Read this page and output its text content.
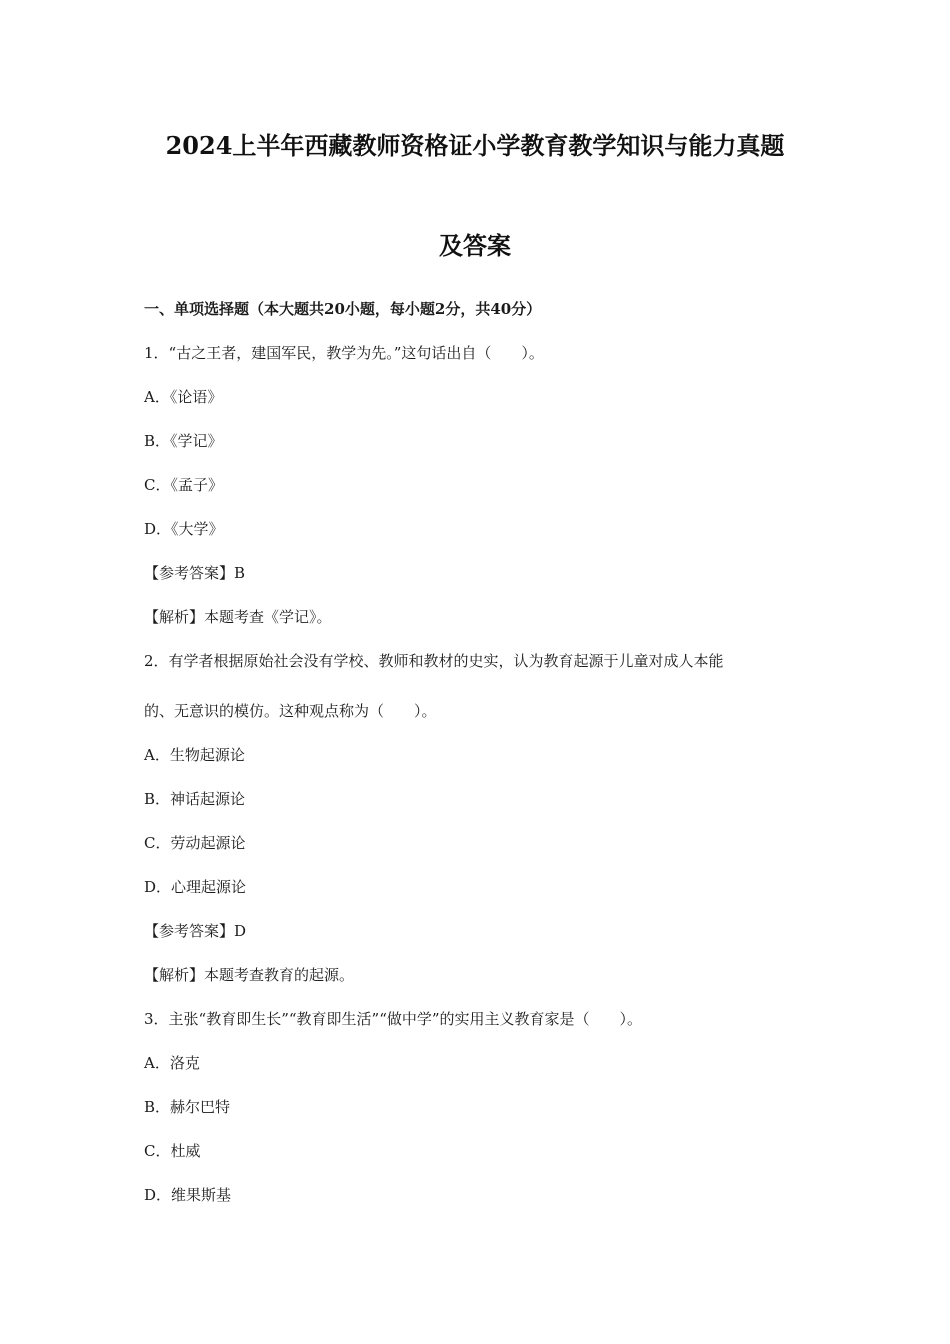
2024上半年西藏教师资格证小学教育教学知识与能力真题
及答案
一、单项选择题（本大题共20小题，每小题2分，共40分）
1．“古之王者，建国军民，教学为先。”这句话出自（　　）。
A．《论语》
B．《学记》
C．《孟子》
D．《大学》
【参考答案】B
【解析】本题考查《学记》。
2．有学者根据原始社会没有学校、教师和教材的史实，认为教育起源于儿童对成人本能
的、无意识的模仿。这种观点称为（　　）。
A．生物起源论
B．神话起源论
C．劳动起源论
D．心理起源论
【参考答案】D
【解析】本题考查教育的起源。
3．主张“教育即生长”“教育即生活”“做中学”的实用主义教育家是（　　）。
A．洛克
B．赫尔巴特
C．杜威
D．维果斯基
